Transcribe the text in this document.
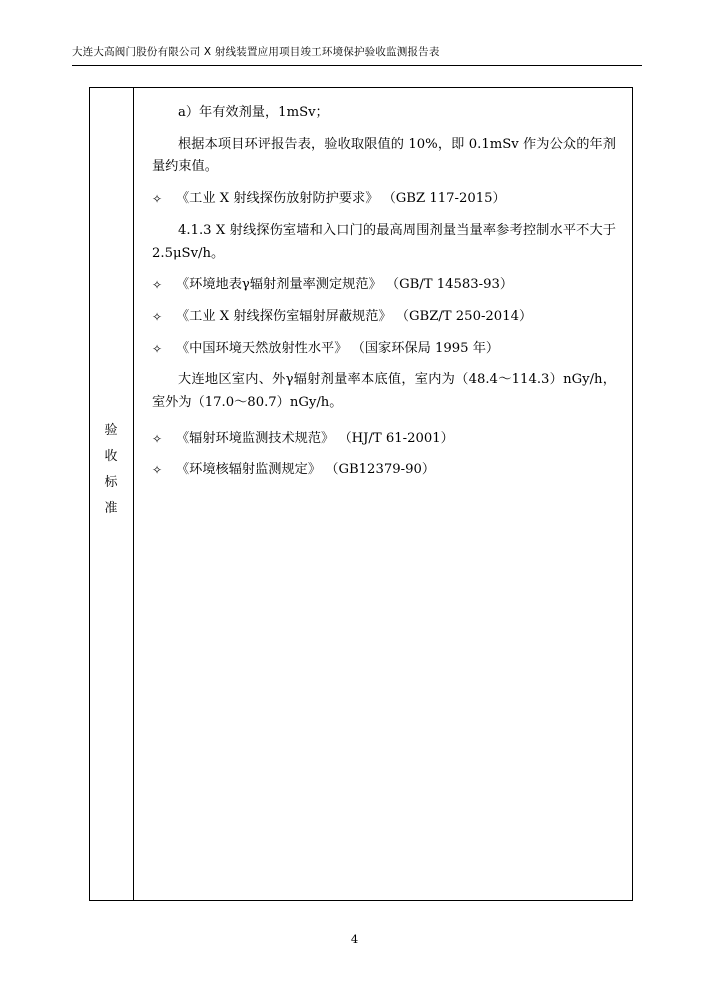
大连大高阀门股份有限公司 X 射线装置应用项目竣工环境保护验收监测报告表
验
收
标
准

a）年有效剂量，1mSv；

根据本项目环评报告表，验收取限值的 10%，即 0.1mSv 作为公众的年剂量约束值。

✧	《工业 X 射线探伤放射防护要求》 （GBZ 117-2015）

4.1.3 X 射线探伤室墙和入口门的最高周围剂量当量率参考控制水平不大于 2.5μSv/h。

✧	《环境地表γ辐射剂量率测定规范》 （GB/T 14583-93）
✧	《工业 X 射线探伤室辐射屏蔽规范》 （GBZ/T 250-2014）
✧	《中国环境天然放射性水平》 （国家环保局 1995 年）

大连地区室内、外γ辐射剂量率本底值，室内为（48.4～114.3）nGy/h，室外为（17.0～80.7）nGy/h。

✧	《辐射环境监测技术规范》 （HJ/T 61-2001）
✧	《环境核辐射监测规定》 （GB12379-90）
4
